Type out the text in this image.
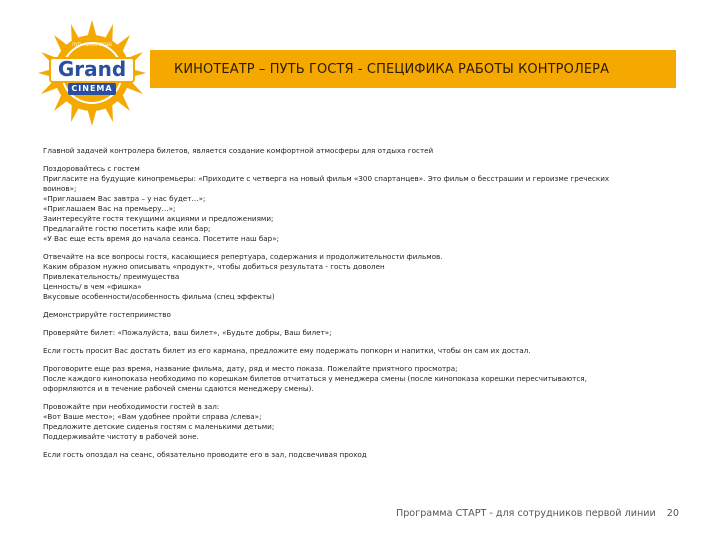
Grand
CINEMA
ПУТЬ КИНОГЕРОЕВ
КИНОТЕАТР – ПУТЬ ГОСТЯ - СПЕЦИФИКА РАБОТЫ КОНТРОЛЕРА

Главной задачей контролера билетов, является создание комфортной атмосферы для отдыха гостей

Поздоровайтесь с гостем
Пригласите на будущие кинопремьеры: «Приходите с четверга на новый фильм «300 спартанцев». Это фильм о бесстрашии и героизме греческих
воинов»;
«Приглашаем Вас завтра – у нас будет…»;
«Приглашаем Вас на премьеру…»;
Заинтересуйте гостя текущими акциями и предложениями;
Предлагайте гостю посетить кафе или бар;
«У Вас еще есть время до начала сеанса. Посетите наш бар»;

Отвечайте на все вопросы гостя, касающиеся репертуара, содержания и продолжительности фильмов.
Каким образом нужно описывать «продукт», чтобы добиться результата - гость доволен
Привлекательность/ преимущества
Ценность/ в чем «фишка»
Вкусовые особенности/особенность фильма (спец эффекты)

Демонстрируйте гостеприимство

Проверяйте билет: «Пожалуйста, ваш билет», «Будьте добры, Ваш билет»;

Если гость просит Вас достать билет из его кармана, предложите ему подержать попкорн и напитки, чтобы он сам их достал.

Проговорите еще раз время, название фильма, дату, ряд и место показа. Пожелайте приятного просмотра;
После каждого кинопоказа необходимо по корешкам билетов отчитаться у менеджера смены (после кинопоказа корешки пересчитываются,
оформляются и в течение рабочей смены сдаются менеджеру смены).

Провожайте при необходимости гостей в зал:
«Вот Ваше место»; «Вам удобнее пройти справа /слева»;
Предложите детские сиденья гостям с маленькими детьми;
Поддерживайте чистоту в рабочей зоне.

Если гость опоздал на сеанс, обязательно проводите его в зал, подсвечивая проход

Программа СТАРТ - для сотрудников первой линии 20
